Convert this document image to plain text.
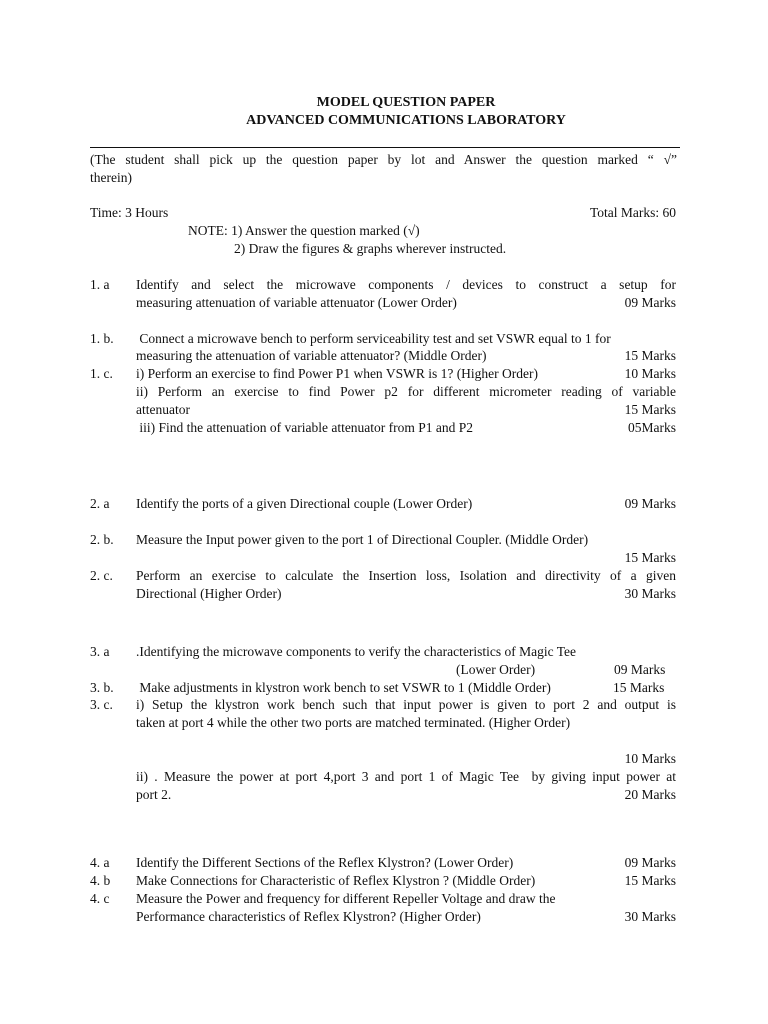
MODEL QUESTION PAPER
ADVANCED COMMUNICATIONS LABORATORY
(The student shall pick up the question paper by lot and Answer the question marked “ √”
therein)
Time: 3 Hours	Total Marks: 60
NOTE: 1) Answer the question marked (√)
2) Draw the figures & graphs wherever instructed.
1. a Identify and select the microwave components / devices to construct a setup for
measuring attenuation of variable attenuator (Lower Order)	09 Marks
1. b. Connect a microwave bench to perform serviceability test and set VSWR equal to 1 for
measuring the attenuation of variable attenuator? (Middle Order)	15 Marks
1. c. i) Perform an exercise to find Power P1 when VSWR is 1? (Higher Order)	10 Marks
ii) Perform an exercise to find Power p2 for different micrometer reading of variable
attenuator	15 Marks
iii) Find the attenuation of variable attenuator from P1 and P2	05Marks
2. a Identify the ports of a given Directional couple (Lower Order)	09 Marks
2. b. Measure the Input power given to the port 1 of Directional Coupler. (Middle Order)
15 Marks
2. c. Perform an exercise to calculate the Insertion loss, Isolation and directivity of a given
Directional (Higher Order)	30 Marks
3. a .Identifying the microwave components to verify the characteristics of Magic Tee
(Lower Order)	09 Marks
3. b. Make adjustments in klystron work bench to set VSWR to 1 (Middle Order)	15 Marks
3. c. i) Setup the klystron work bench such that input power is given to port 2 and output is
taken at port 4 while the other two ports are matched terminated. (Higher Order)
10 Marks
ii) . Measure the power at port 4,port 3 and port 1 of Magic Tee  by giving input power at
port 2.	20 Marks
4. a Identify the Different Sections of the Reflex Klystron? (Lower Order)	09 Marks
4. b Make Connections for Characteristic of Reflex Klystron ? (Middle Order)	15 Marks
4. c Measure the Power and frequency for different Repeller Voltage and draw the
Performance characteristics of Reflex Klystron? (Higher Order)	30 Marks
